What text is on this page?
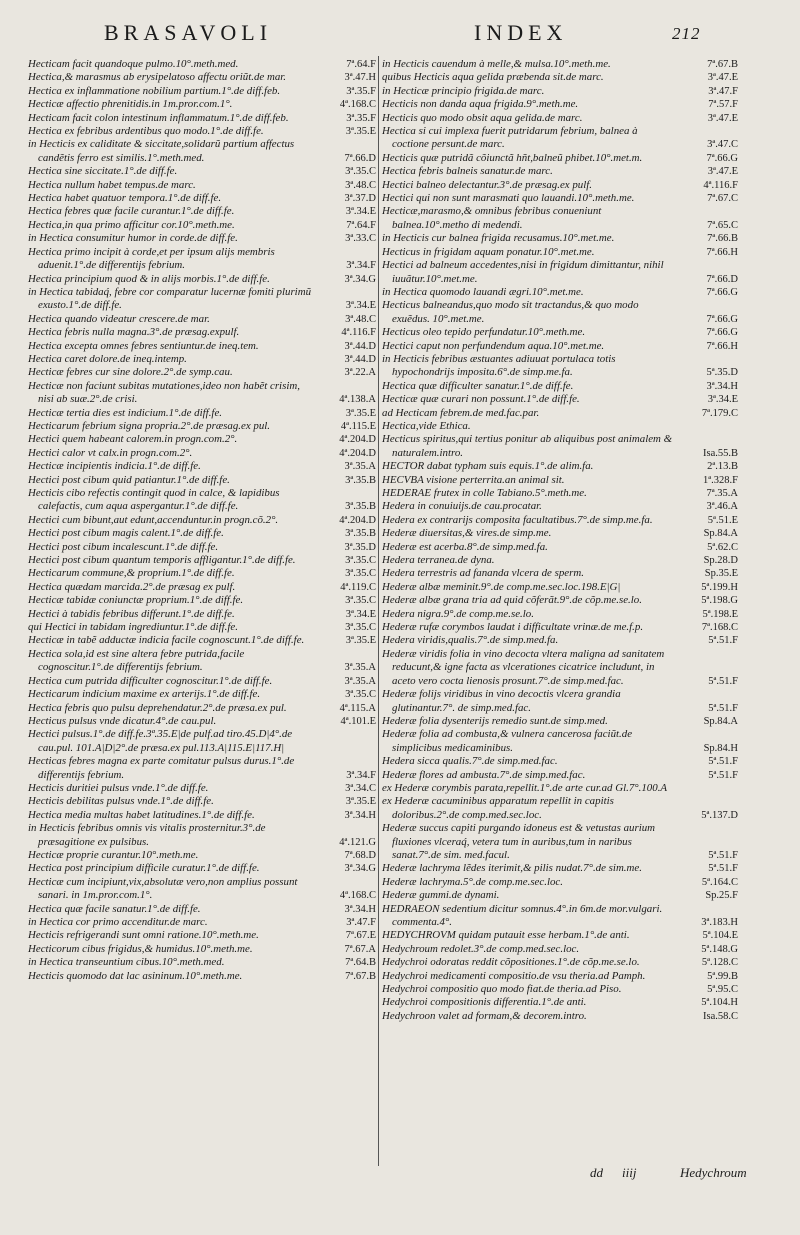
BRASAVOLI	INDEX	212
Hecticam facit quandoque pulmo.10°.meth.med.	7ª.64.F
Hectica,& marasmus ab erysipelatoso affectu oriũt.de mar.	3ª.47.H
Hectica ex inflammatione nobilium partium.1°.de diff.feb.	3ª.35.F
Hecticæ affectio phrenitidis.in 1m.pror.com.1°.	4ª.168.C
Hecticam facit colon intestinum inflammatum.1°.de diff.feb.	3ª.35.F
Hectica ex febribus ardentibus quo modo.1°.de diff.fe.	3ª.35.E
in Hecticis ex caliditate & siccitate,solidarũ partium affectus candẽtis ferro est similis.1°.meth.med.	7ª.66.D
Hectica sine siccitate.1°.de diff.fe.	3ª.35.C
Hectica nullum habet tempus.de marc.	3ª.48.C
Hectica habet quatuor tempora.1°.de diff.fe.	3ª.37.D
Hectica febres quæ facile curantur.1°.de diff.fe.	3ª.34.E
Hectica,in qua primo afficitur cor.10°.meth.me.	7ª.64.F
in Hectica consumitur humor in corde.de diff.fe.	3ª.33.C
Hectica primo incipit à corde,et per ipsum alijs membris aduenit.1°.de differentijs febrium.	3ª.34.F
Hectica principium quod & in alijs morbis.1°.de diff.fe.	3ª.34.G
in Hectica tabidaq́, febre cor comparatur lucernæ fomiti plurimũ exusto.1°.de diff.fe.	3ª.34.E
Hectica quando videatur crescere.de mar.	3ª.48.C
Hectica febris nulla magna.3°.de præsag.expulf.	4ª.116.F
Hectica excepta omnes febres sentiuntur.de ineq.tem.	3ª.44.D
Hectica caret dolore.de ineq.intemp.	3ª.44.D
Hecticæ febres cur sine dolore.2°.de symp.cau.	3ª.22.A
Hecticæ non faciunt subitas mutationes,ideo non habẽt crisim, nisi ab suæ.2°.de crisi.	4ª.138.A
Hecticæ tertia dies est indicium.1°.de diff.fe.	3ª.35.E
Hecticarum febrium signa propria.2°.de præsag.ex pul.	4ª.115.E
Hectici quem habeant calorem.in progn.com.2°.	4ª.204.D
Hectici calor vt calx.in progn.com.2°.	4ª.204.D
Hecticæ incipientis indicia.1°.de diff.fe.	3ª.35.A
Hectici post cibum quid patiantur.1°.de diff.fe.	3ª.35.B
Hecticis cibo refectis contingit quod in calce, & lapidibus calefactis, cum aqua aspergantur.1°.de diff.fe.	3ª.35.B
Hectici cum bibunt,aut edunt,accenduntur.in progn.cõ.2°.	4ª.204.D
Hectici post cibum magis calent.1°.de diff.fe.	3ª.35.B
Hectici post cibum incalescunt.1°.de diff.fe.	3ª.35.D
Hectici post cibum quantum temporis affligantur.1°.de diff.fe.	3ª.35.C
Hecticarum commune,& proprium.1°.de diff.fe.	3ª.35.C
Hectica quædam marcida.2°.de præsag ex pulf.	4ª.119.C
Hecticæ tabidæ coniunctæ proprium.1°.de diff.fe.	3ª.35.C
Hectici à tabidis febribus differunt.1°.de diff.fe.	3ª.34.E
qui Hectici in tabidam ingrediuntur.1°.de diff.fe.	3ª.35.C
Hecticæ in tabẽ adductæ indicia facile cognoscunt.1°.de diff.fe.	3ª.35.E
Hectica sola,id est sine altera febre putrida,facile cognoscitur.1°.de differentijs febrium.	3ª.35.A
Hectica cum putrida difficulter cognoscitur.1°.de diff.fe.	3ª.35.A
Hecticarum indicium maxime ex arterijs.1°.de diff.fe.	3ª.35.C
Hectica febris quo pulsu deprehendatur.2°.de præsa.ex pul.	4ª.115.A
Hecticus pulsus vnde dicatur.4°.de cau.pul.	4ª.101.E
Hectici pulsus.1°.de diff.fe.3ª.35.E|de pulf.ad tiro.45.D|4°.de cau.pul. 101.A|D|2°.de præsa.ex pul.113.A|115.E|117.H|
Hecticas febres magna ex parte comitatur pulsus durus.1°.de differentijs febrium.	3ª.34.F
Hecticis duritiei pulsus vnde.1°.de diff.fe.	3ª.34.C
Hecticis debilitas pulsus vnde.1°.de diff.fe.	3ª.35.E
Hectica media multas habet latitudines.1°.de diff.fe.	3ª.34.H
in Hecticis febribus omnis vis vitalis prosternitur.3°.de præsagitione ex pulsibus.	4ª.121.G
Hecticæ proprie curantur.10°.meth.me.	7ª.68.D
Hectica post principium difficile curatur.1°.de diff.fe.	3ª.34.G
Hecticæ cum incipiunt,vix,absolutæ vero,non amplius possunt sanari. in 1m.pror.com.1°.	4ª.168.C
Hectica quæ facile sanatur.1°.de diff.fe.	3ª.34.H
in Hectica cor primo accenditur.de marc.	3ª.47.F
Hecticis refrigerandi sunt omni ratione.10°.meth.me.	7ª.67.E
Hecticorum cibus frigidus,& humidus.10°.meth.me.	7ª.67.A
in Hectica transeuntium cibus.10°.meth.med.	7ª.64.B
Hecticis quomodo dat lac asininum.10°.meth.me.	7ª.67.B
in Hecticis cauendum à melle,& mulsa.10°.meth.me.	7ª.67.B
quibus Hecticis aqua gelida præbenda sit.de marc.	3ª.47.E
in Hecticæ principio frigida.de marc.	3ª.47.F
Hecticis non danda aqua frigida.9°.meth.me.	7ª.57.F
Hecticis quo modo obsit aqua gelida.de marc.	3ª.47.E
Hectica si cui implexa fuerit putridarum febrium, balnea à coctione persunt.de marc.	3ª.47.C
Hecticis quæ putridã cõiunctã hñt,balneũ phibet.10°.met.m.	7ª.66.G
Hectica febris balneis sanatur.de marc.	3ª.47.E
Hectici balneo delectantur.3°.de præsag.ex pulf.	4ª.116.F
Hectici qui non sunt marasmati quo lauandi.10°.meth.me.	7ª.67.C
Hecticæ,marasmo,& omnibus febribus conueniunt balnea.10°.metho di medendi.	7ª.65.C
in Hecticis cur balnea frigida recusamus.10°.met.me.	7ª.66.B
Hecticus in frigidam aquam ponatur.10°.met.me.	7ª.66.H
Hectici ad balneum accedentes,nisi in frigidum dimittantur, nihil iuuãtur.10°.met.me.	7ª.66.D
in Hectica quomodo lauandi ægri.10°.met.me.	7ª.66.G
Hecticus balneandus,quo modo sit tractandus,& quo modo exuẽdus. 10°.met.me.	7ª.66.G
Hecticus oleo tepido perfundatur.10°.meth.me.	7ª.66.G
Hectici caput non perfundendum aqua.10°.met.me.	7ª.66.H
in Hecticis febribus æstuantes adiuuat portulaca totis hypochondrijs imposita.6°.de simp.me.fa.	5ª.35.D
Hectica quæ difficulter sanatur.1°.de diff.fe.	3ª.34.H
Hecticæ quæ curari non possunt.1°.de diff.fe.	3ª.34.E
ad Hecticam febrem.de med.fac.par.	7ª.179.C
Hectica,vide Ethica.
Hecticus spiritus,qui tertius ponitur ab aliquibus post animalem & naturalem.intro.	Isa.55.B
HECTOR dabat typham suis equis.1°.de alim.fa.	2ª.13.B
HECVBA visione perterrita.an animal sit.	1ª.328.F
HEDERAE frutex in colle Tabiano.5°.meth.me.	7ª.35.A
Hedera in conuiuijs.de cau.procatar.	3ª.46.A
Hedera ex contrarijs composita facultatibus.7°.de simp.me.fa.	5ª.51.E
Hederæ diuersitas,& vires.de simp.me.	Sp.84.A
Hederæ est acerba.8°.de simp.med.fa.	5ª.62.C
Hedera terranea.de dyna.	Sp.28.D
Hedera terrestris ad fananda vlcera de sperm.	Sp.35.E
Hederæ albæ meminit.9°.de comp.me.sec.loc.198.E|G|	5ª.199.H
Hederæ albæ grana tria ad quid cõferãt.9°.de cõp.me.se.lo.	5ª.198.G
Hedera nigra.9°.de comp.me.se.lo.	5ª.198.E
Hederæ rufæ corymbos laudat i difficultate vrinæ.de me.f.p.	7ª.168.C
Hedera viridis,qualis.7°.de simp.med.fa.	5ª.51.F
Hederæ viridis folia in vino decocta vltera maligna ad sanitatem reducunt,& igne facta as vlcerationes cicatrice includunt, in aceto vero cocta lienosis prosunt.7°.de simp.med.fac.	5ª.51.F
Hederæ folijs viridibus in vino decoctis vlcera grandia glutinantur.7°. de simp.med.fac.	5ª.51.F
Hederæ folia dysenterijs remedio sunt.de simp.med.	Sp.84.A
Hederæ folia ad combusta,& vulnera cancerosa faciũt.de simplicibus medicaminibus.	Sp.84.H
Hedera sicca qualis.7°.de simp.med.fac.	5ª.51.F
Hederæ flores ad ambusta.7°.de simp.med.fac.	5ª.51.F
ex Hederæ corymbis parata,repellit.1°.de arte cur.ad Gl.7°.100.A
ex Hederæ cacuminibus apparatum repellit in capitis doloribus.2°.de comp.med.sec.loc.	5ª.137.D
Hederæ succus capiti purgando idoneus est & vetustas aurium fluxiones vlceraq́, vetera tum in auribus,tum in naribus sanat.7°.de sim. med.facul.	5ª.51.F
Hederæ lachryma lẽdes iterimit,& pilis nudat.7°.de sim.me.	5ª.51.F
Hederæ lachryma.5°.de comp.me.sec.loc.	5ª.164.C
Hederæ gummi.de dynami.	Sp.25.F
HEDRAEON sedentium dicitur somnus.4°.in 6m.de mor.vulgari. commenta.4°.	3ª.183.H
HEDYCHROVM quidam putauit esse herbam.1°.de anti.	5ª.104.E
Hedychroum redolet.3°.de comp.med.sec.loc.	5ª.148.G
Hedychroi odoratas reddit cõpositiones.1°.de cõp.me.se.lo.	5ª.128.C
Hedychroi medicamenti compositio.de vsu theria.ad Pamph.	5ª.99.B
Hedychroi compositio quo modo fiat.de theria.ad Piso.	5ª.95.C
Hedychroi compositionis differentia.1°.de anti.	5ª.104.H
Hedychroon valet ad formam,& decorem.intro.	Isa.58.C
dd iiij	Hedychroum
